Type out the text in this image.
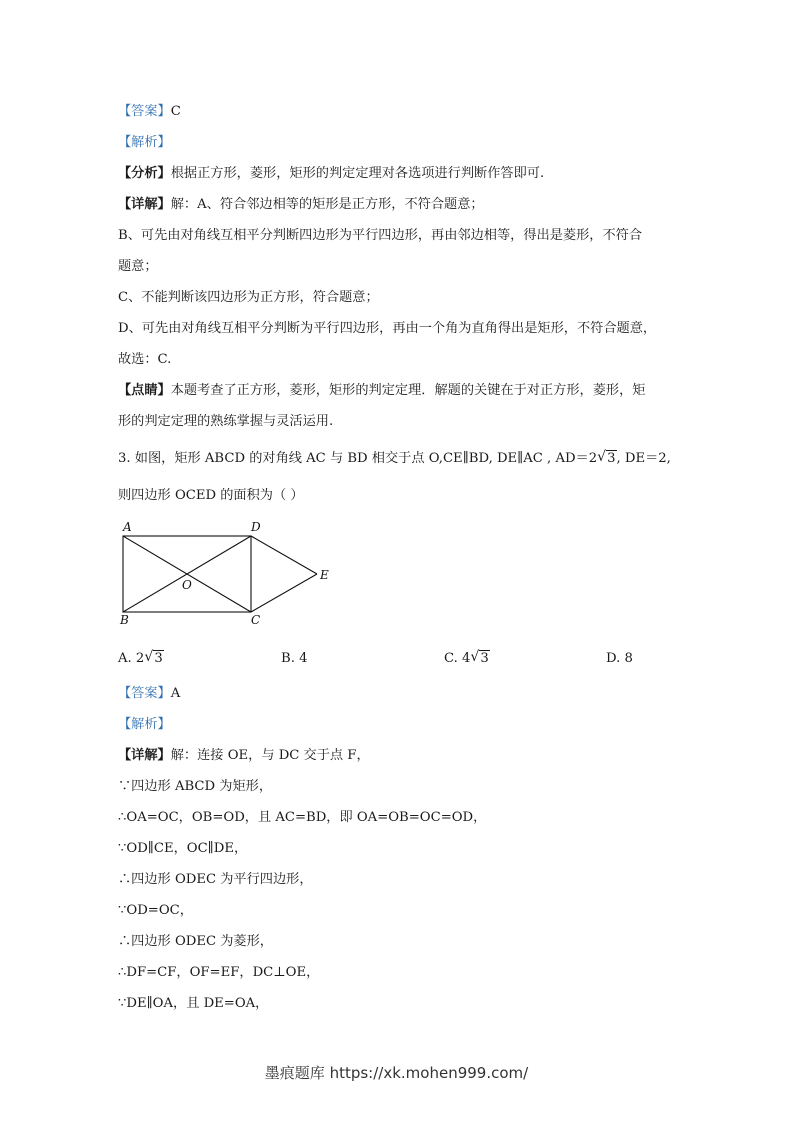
【答案】C
【解析】
【分析】根据正方形，菱形，矩形的判定定理对各选项进行判断作答即可.
【详解】解：A、符合邻边相等的矩形是正方形，不符合题意；
B、可先由对角线互相平分判断四边形为平行四边形，再由邻边相等，得出是菱形，不符合
题意；
C、不能判断该四边形为正方形，符合题意；
D、可先由对角线互相平分判断为平行四边形，再由一个角为直角得出是矩形，不符合题意，
故选：C.
【点睛】本题考查了正方形，菱形，矩形的判定定理．解题的关键在于对正方形，菱形，矩
形的判定定理的熟练掌握与灵活运用.
3. 如图，矩形 ABCD 的对角线 AC 与 BD 相交于点 O,CE∥BD, DE∥AC , AD＝2 √ 3, DE＝2,
则四边形 OCED 的面积为（ ）
A	D
B	C
O
E
A. 2 √ 3	B. 4	C. 4 √ 3	D. 8
【答案】A
【解析】
【详解】解：连接 OE，与 DC 交于点 F，
∵四边形 ABCD 为矩形，
∴OA=OC，OB=OD，且 AC=BD，即 OA=OB=OC=OD，
∵OD∥CE，OC∥DE，
∴四边形 ODEC 为平行四边形，
∵OD=OC，
∴四边形 ODEC 为菱形，
∴DF=CF，OF=EF，DC⊥OE，
∵DE∥OA，且 DE=OA，
墨痕题库 https://xk.mohen999.com/
